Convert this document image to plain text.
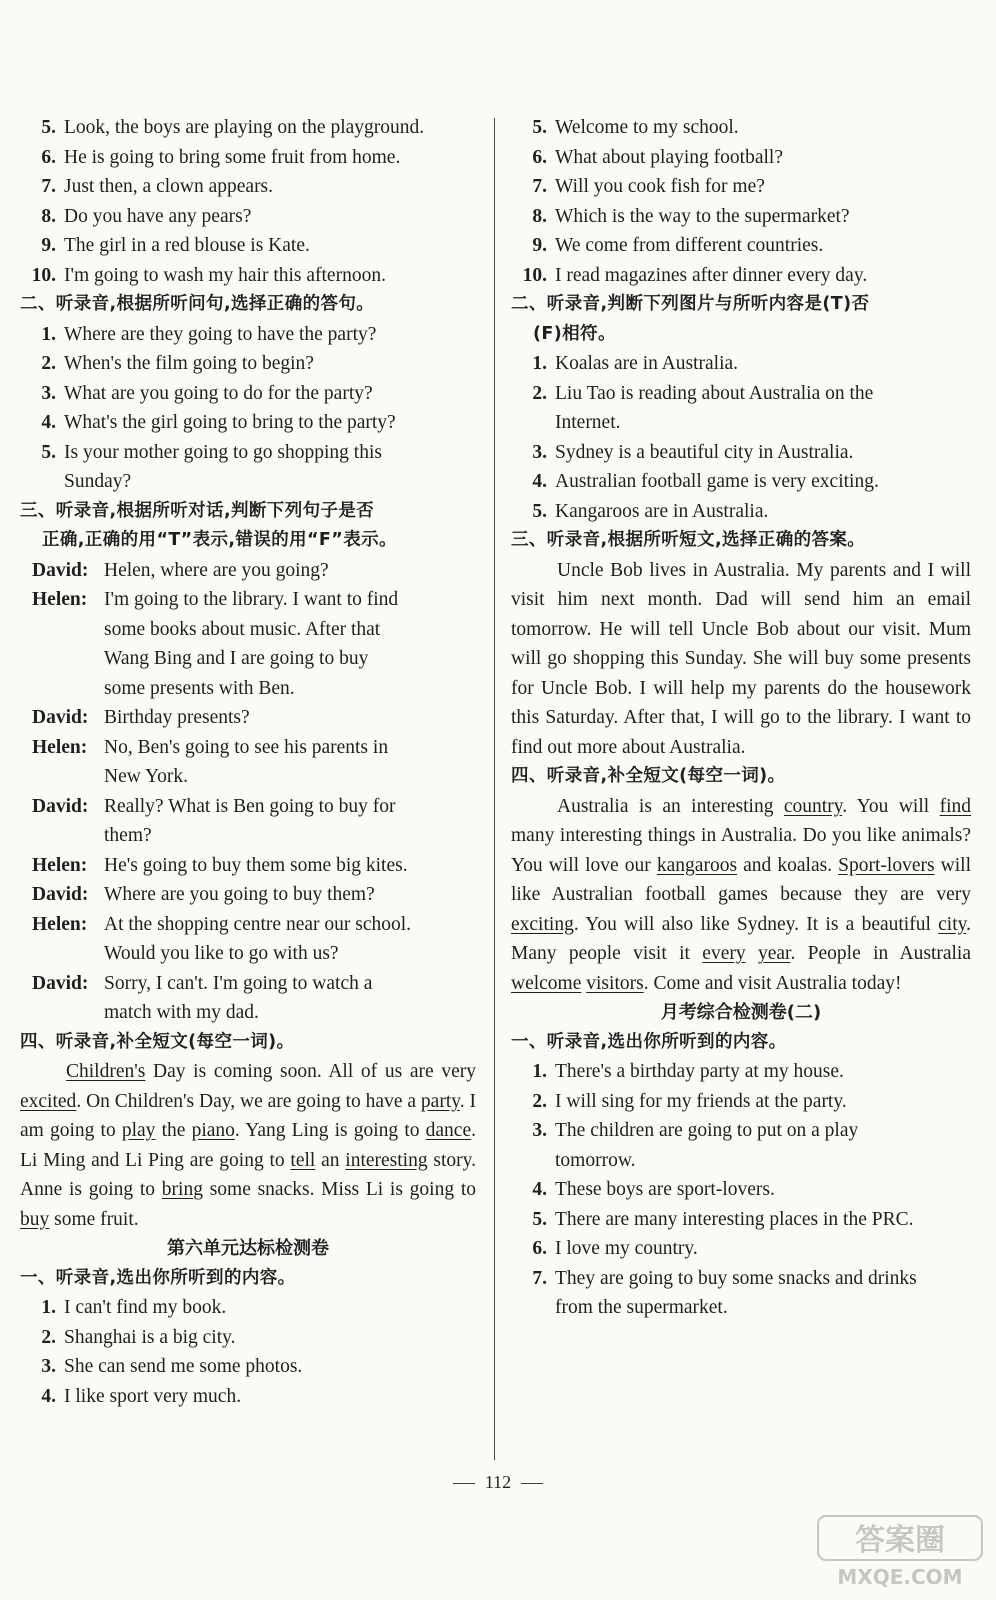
5. Look, the boys are playing on the playground.
6. He is going to bring some fruit from home.
7. Just then, a clown appears.
8. Do you have any pears?
9. The girl in a red blouse is Kate.
10. I'm going to wash my hair this afternoon.
二、听录音,根据所听问句,选择正确的答句。
1. Where are they going to have the party?
2. When's the film going to begin?
3. What are you going to do for the party?
4. What's the girl going to bring to the party?
5. Is your mother going to go shopping this
Sunday?
三、听录音,根据所听对话,判断下列句子是否
正确,正确的用“T”表示,错误的用“F”表示。
David :	Helen, where are you going?
Helen :	I'm going to the library. I want to find
some books about music. After that
Wang Bing and I are going to buy
some presents with Ben.
David :	Birthday presents?
Helen :	No, Ben's going to see his parents in
New York.
David :	Really? What is Ben going to buy for
them?
Helen :	He's going to buy them some big kites.
David :	Where are you going to buy them?
Helen :	At the shopping centre near our school.
Would you like to go with us?
David :	Sorry, I can't. I'm going to watch a
match with my dad.
四、听录音,补全短文(每空一词)。
Children's Day is coming soon. All of us are very excited. On Children's Day, we are going to have a party. I am going to play the piano. Yang Ling is going to dance. Li Ming and Li Ping are going to tell an interesting story. Anne is going to bring some snacks. Miss Li is going to buy some fruit.
第六单元达标检测卷
一、听录音,选出你所听到的内容。
1. I can't find my book.
2. Shanghai is a big city.
3. She can send me some photos.
4. I like sport very much.
5. Welcome to my school.
6. What about playing football?
7. Will you cook fish for me?
8. Which is the way to the supermarket?
9. We come from different countries.
10. I read magazines after dinner every day.
二、听录音,判断下列图片与所听内容是(T)否
(F)相符。
1. Koalas are in Australia.
2. Liu Tao is reading about Australia on the
Internet.
3. Sydney is a beautiful city in Australia.
4. Australian football game is very exciting.
5. Kangaroos are in Australia.
三、听录音,根据所听短文,选择正确的答案。
Uncle Bob lives in Australia. My parents and I will visit him next month. Dad will send him an email tomorrow. He will tell Uncle Bob about our visit. Mum will go shopping this Sunday. She will buy some presents for Uncle Bob. I will help my parents do the housework this Saturday. After that, I will go to the library. I want to find out more about Australia.
四、听录音,补全短文(每空一词)。
Australia is an interesting country. You will find many interesting things in Australia. Do you like animals? You will love our kangaroos and koalas. Sport-lovers will like Australian football games because they are very exciting. You will also like Sydney. It is a beautiful city. Many people visit it every year. People in Australia welcome visitors. Come and visit Australia today!
月考综合检测卷(二)
一、听录音,选出你所听到的内容。
1. There's a birthday party at my house.
2. I will sing for my friends at the party.
3. The children are going to put on a play
tomorrow.
4. These boys are sport-lovers.
5. There are many interesting places in the PRC.
6. I love my country.
7. They are going to buy some snacks and drinks
from the supermarket.
112
答案圈
MXQE.COM
